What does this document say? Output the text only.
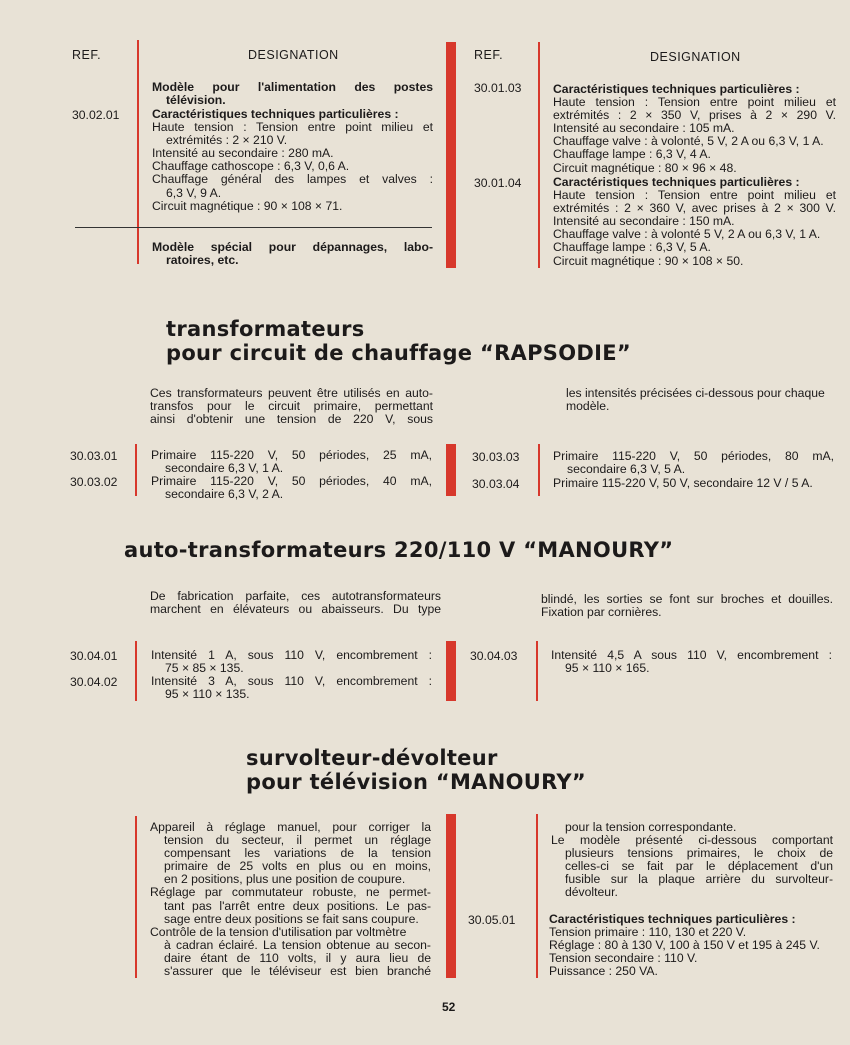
REF.	DESIGNATION	REF.	DESIGNATION
Modèle pour l'alimentation des postes
télévision.
30.02.01	Caractéristiques techniques particulières :
Haute tension : Tension entre point milieu et
extrémités : 2 × 210 V.
Intensité au secondaire : 280 mA.
Chauffage cathoscope : 6,3 V, 0,6 A.
Chauffage général des lampes et valves :
6,3 V, 9 A.
Circuit magnétique : 90 × 108 × 71.
Modèle spécial pour dépannages, labo-
ratoires, etc.
30.01.03	Caractéristiques techniques particulières :
Haute tension : Tension entre point milieu et
extrémités : 2 × 350 V, prises à 2 × 290 V.
Intensité au secondaire : 105 mA.
Chauffage valve : à volonté, 5 V, 2 A ou 6,3 V, 1 A.
Chauffage lampe : 6,3 V, 4 A.
Circuit magnétique : 80 × 96 × 48.
30.01.04	Caractéristiques techniques particulières :
Haute tension : Tension entre point milieu et
extrémités : 2 × 360 V, avec prises à 2 × 300 V.
Intensité au secondaire : 150 mA.
Chauffage valve : à volonté 5 V, 2 A ou 6,3 V, 1 A.
Chauffage lampe : 6,3 V, 5 A.
Circuit magnétique : 90 × 108 × 50.
transformateurs
pour circuit de chauffage “RAPSODIE”
Ces transformateurs peuvent être utilisés en auto-
transfos pour le circuit primaire, permettant
ainsi d'obtenir une tension de 220 V, sous
les intensités précisées ci-dessous pour chaque
modèle.
30.03.01	Primaire 115-220 V, 50 périodes, 25 mA,
secondaire 6,3 V, 1 A.
30.03.02	Primaire 115-220 V, 50 périodes, 40 mA,
secondaire 6,3 V, 2 A.
30.03.03	Primaire 115-220 V, 50 périodes, 80 mA,
secondaire 6,3 V, 5 A.
30.03.04	Primaire 115-220 V, 50 V, secondaire 12 V / 5 A.
auto-transformateurs 220/110 V “MANOURY”
De fabrication parfaite, ces autotransformateurs
marchent en élévateurs ou abaisseurs. Du type
blindé, les sorties se font sur broches et douilles.
Fixation par cornières.
30.04.01	Intensité 1 A, sous 110 V, encombrement :
75 × 85 × 135.
30.04.02	Intensité 3 A, sous 110 V, encombrement :
95 × 110 × 135.
30.04.03	Intensité 4,5 A sous 110 V, encombrement :
95 × 110 × 165.
survolteur-dévolteur
pour télévision “MANOURY”
Appareil à réglage manuel, pour corriger la
tension du secteur, il permet un réglage
compensant les variations de la tension
primaire de 25 volts en plus ou en moins,
en 2 positions, plus une position de coupure.
Réglage par commutateur robuste, ne permet-
tant pas l'arrêt entre deux positions. Le pas-
sage entre deux positions se fait sans coupure.
Contrôle de la tension d'utilisation par voltmètre
à cadran éclairé. La tension obtenue au secon-
daire étant de 110 volts, il y aura lieu de
s'assurer que le téléviseur est bien branché
pour la tension correspondante.
Le modèle présenté ci-dessous comportant
plusieurs tensions primaires, le choix de
celles-ci se fait par le déplacement d'un
fusible sur la plaque arrière du survolteur-
dévolteur.
30.05.01	Caractéristiques techniques particulières :
Tension primaire : 110, 130 et 220 V.
Réglage : 80 à 130 V, 100 à 150 V et 195 à 245 V.
Tension secondaire : 110 V.
Puissance : 250 VA.
52
